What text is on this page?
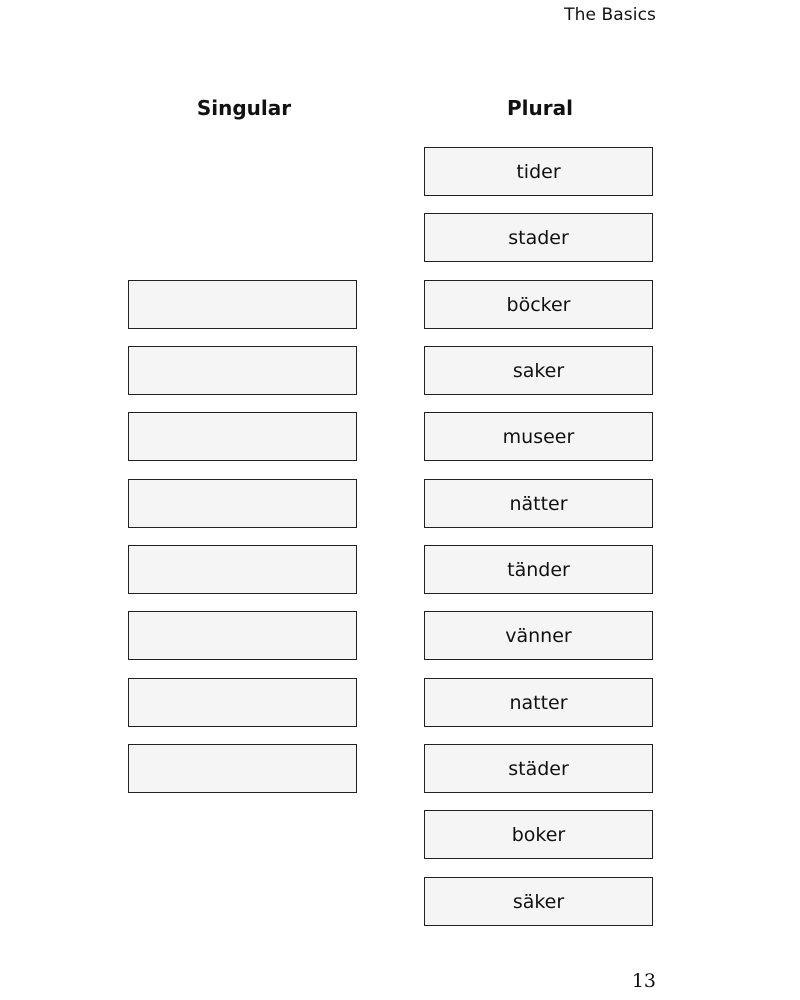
The Basics
Singular	Plural
tider
stader
böcker
saker
museer
nätter
tänder
vänner
natter
städer
boker
säker
13
